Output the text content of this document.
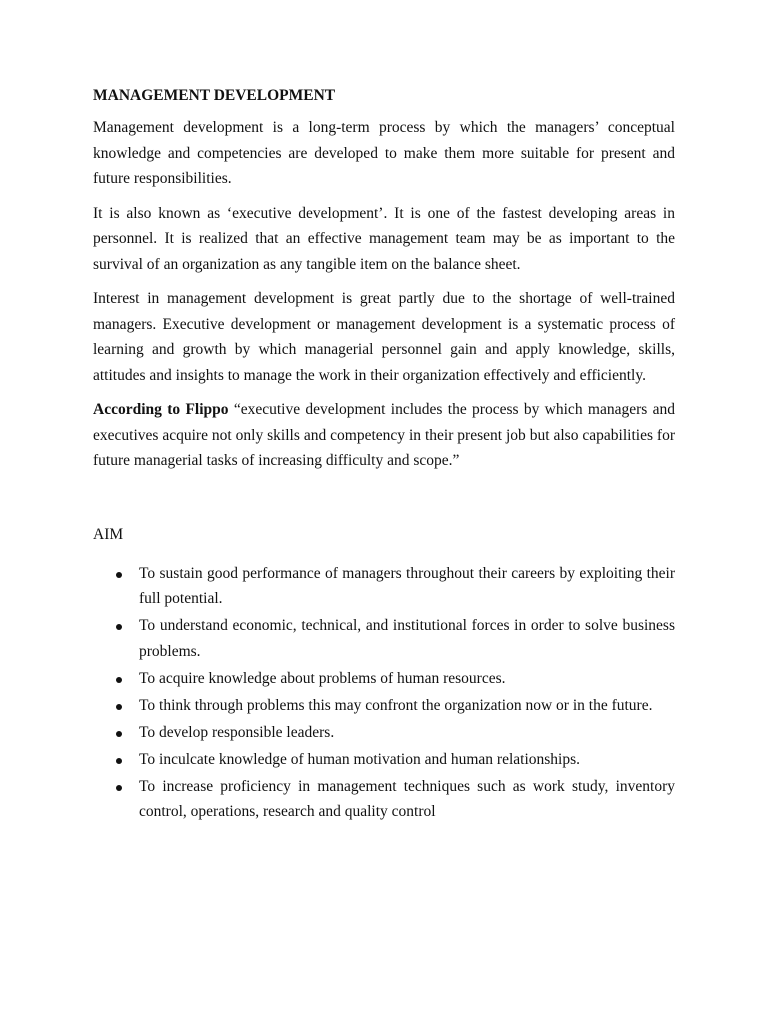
MANAGEMENT DEVELOPMENT

Management development is a long-term process by which the managers’ conceptual knowledge and competencies are developed to make them more suitable for present and future responsibilities.

It is also known as ‘executive development’. It is one of the fastest developing areas in personnel. It is realized that an effective management team may be as important to the survival of an organization as any tangible item on the balance sheet.

Interest in management development is great partly due to the shortage of well-trained managers. Executive development or management development is a systematic process of learning and growth by which managerial personnel gain and apply knowledge, skills, attitudes and insights to manage the work in their organization effectively and efficiently.

According to Flippo “executive development includes the process by which managers and executives acquire not only skills and competency in their present job but also capabilities for future managerial tasks of increasing difficulty and scope.”

AIM
To sustain good performance of managers throughout their careers by exploiting their full potential.
To understand economic, technical, and institutional forces in order to solve business problems.
To acquire knowledge about problems of human resources.
To think through problems this may confront the organization now or in the future.
To develop responsible leaders.
To inculcate knowledge of human motivation and human relationships.
To increase proficiency in management techniques such as work study, inventory control, operations, research and quality control
